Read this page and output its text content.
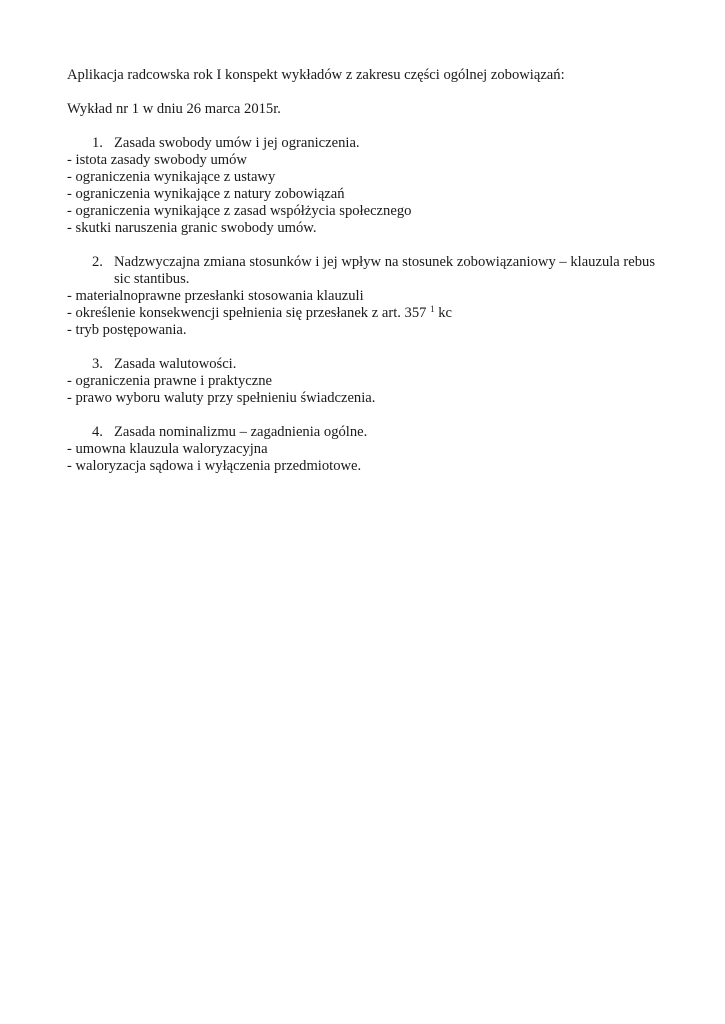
Aplikacja radcowska rok I konspekt wykładów z zakresu części ogólnej zobowiązań:
Wykład nr 1 w dniu 26 marca 2015r.
1. Zasada swobody umów i jej ograniczenia.
- istota zasady swobody umów
- ograniczenia wynikające z ustawy
- ograniczenia wynikające z natury zobowiązań
- ograniczenia wynikające z zasad współżycia społecznego
- skutki naruszenia granic swobody umów.
2. Nadzwyczajna zmiana stosunków i jej wpływ na stosunek zobowiązaniowy – klauzula rebus
sic stantibus.
- materialnoprawne przesłanki stosowania klauzuli
- określenie konsekwencji spełnienia się przesłanek z art. 357 $^1$ kc
- tryb postępowania.
3. Zasada walutowości.
- ograniczenia prawne i praktyczne
- prawo wyboru waluty przy spełnieniu świadczenia.
4. Zasada nominalizmu – zagadnienia ogólne.
- umowna klauzula waloryzacyjna
- waloryzacja sądowa i wyłączenia przedmiotowe.
